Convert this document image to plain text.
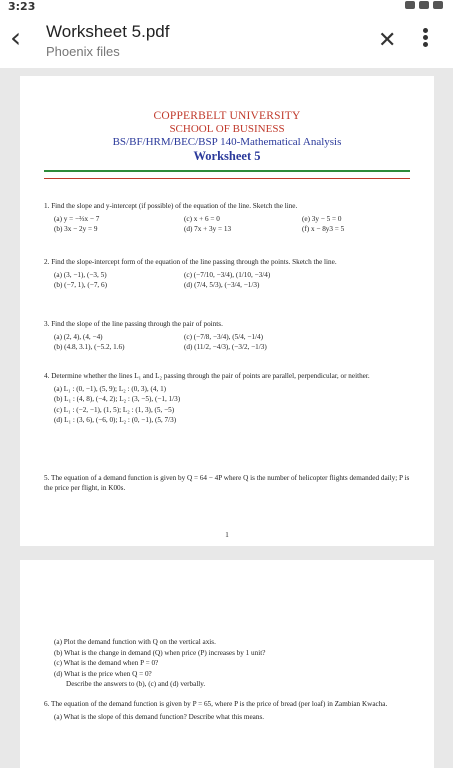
3:23
‹	Worksheet 5.pdf
Phoenix files	✕
COPPERBELT UNIVERSITY
SCHOOL OF BUSINESS
BS/BF/HRM/BEC/BSP 140-Mathematical Analysis
Worksheet 5
1. Find the slope and y-intercept (if possible) of the equation of the line. Sketch the line.
(a) y = −⅔x − 7	(c) x + 6 = 0	(e) 3y − 5 = 0
(b) 3x − 2y = 9	(d) 7x + 3y = 13	(f) x − 8y3 = 5
2. Find the slope-intercept form of the equation of the line passing through the points. Sketch the line.
(a) (3, −1), (−3, 5)	(c) (−7/10, −3/4), (1/10, −3/4)
(b) (−7, 1), (−7, 6)	(d) (7/4, 5/3), (−3/4, −1/3)
3. Find the slope of the line passing through the pair of points.
(a) (2, 4), (4, −4)	(c) (−7/8, −3/4), (5/4, −1/4)
(b) (4.8, 3.1), (−5.2, 1.6)	(d) (11/2, −4/3), (−3/2, −1/3)
4. Determine whether the lines L₁ and L₂ passing through the pair of points are parallel, perpendicular, or neither.
(a) L₁ : (0, −1), (5, 9); L₂ : (0, 3), (4, 1)
(b) L₁ : (4, 8), (−4, 2); L₂ : (3, −5), (−1, 1/3)
(c) L₁ : (−2, −1), (1, 5); L₂ : (1, 3), (5, −5)
(d) L₁ : (3, 6), (−6, 0); L₂ : (0, −1), (5, 7/3)
5. The equation of a demand function is given by Q = 64 − 4P where Q is the number of helicopter flights demanded daily; P is the price per flight, in K00s.
1
(a) Plot the demand function with Q on the vertical axis.
(b) What is the change in demand (Q) when price (P) increases by 1 unit?
(c) What is the demand when P = 0?
(d) What is the price when Q = 0?
Describe the answers to (b), (c) and (d) verbally.
6. The equation of the demand function is given by P = 65, where P is the price of bread (per loaf) in Zambian Kwacha.
(a) What is the slope of this demand function? Describe what this means.
